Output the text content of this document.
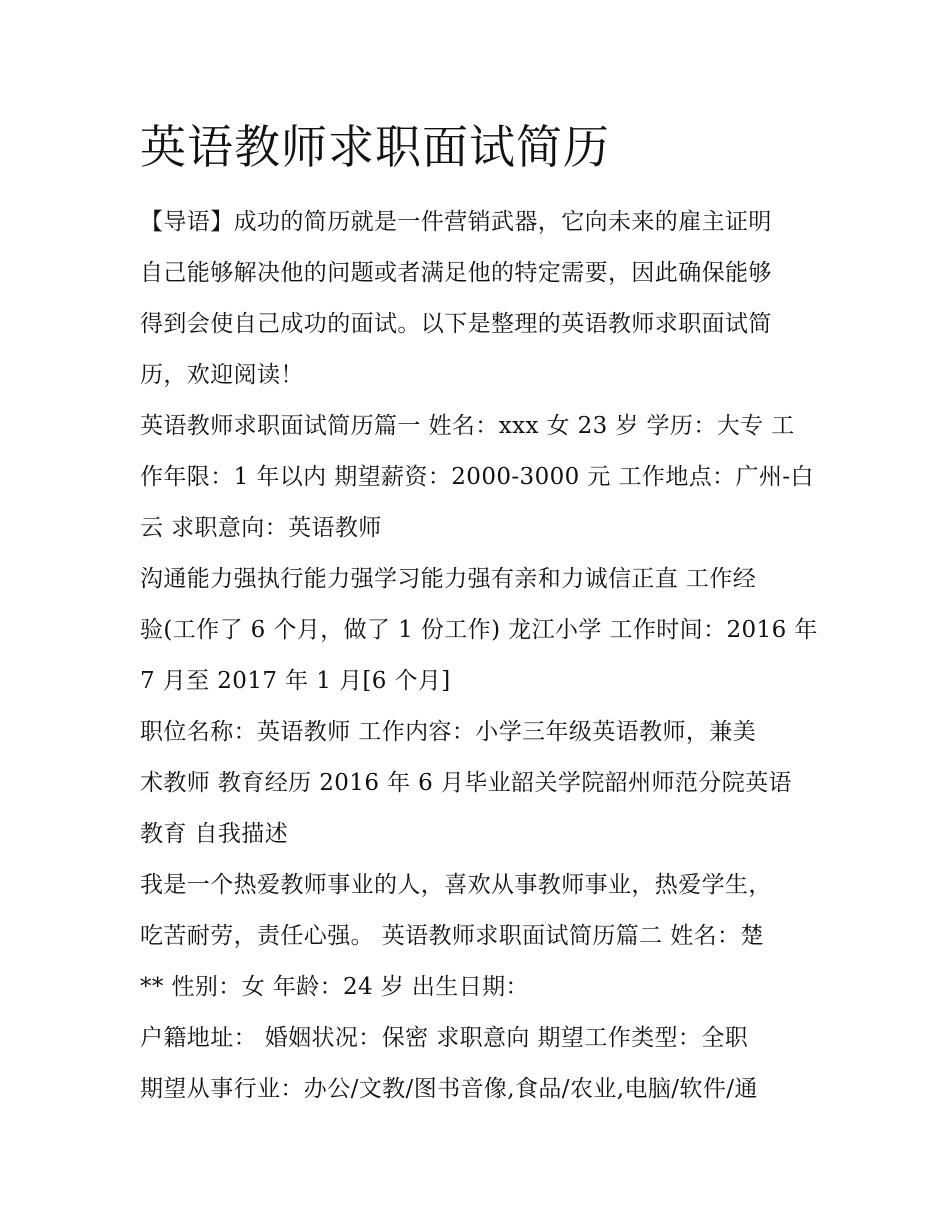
英语教师求职面试简历
【导语】成功的简历就是一件营销武器，它向未来的雇主证明
自己能够解决他的问题或者满足他的特定需要，因此确保能够
得到会使自己成功的面试。以下是整理的英语教师求职面试简
历，欢迎阅读！
英语教师求职面试简历篇一 姓名：xxx 女 23 岁 学历：大专 工
作年限：1 年以内 期望薪资：2000-3000 元 工作地点：广州-白
云 求职意向：英语教师
沟通能力强执行能力强学习能力强有亲和力诚信正直 工作经
验(工作了 6 个月，做了 1 份工作) 龙江小学 工作时间：2016 年
7 月至 2017 年 1 月[6 个月]
职位名称：英语教师 工作内容：小学三年级英语教师，兼美
术教师 教育经历 2016 年 6 月毕业韶关学院韶州师范分院英语
教育 自我描述
我是一个热爱教师事业的人，喜欢从事教师事业，热爱学生，
吃苦耐劳，责任心强。 英语教师求职面试简历篇二 姓名：楚
** 性别：女 年龄：24 岁 出生日期：
户籍地址： 婚姻状况：保密 求职意向 期望工作类型：全职
期望从事行业：办公/文教/图书音像,食品/农业,电脑/软件/通
